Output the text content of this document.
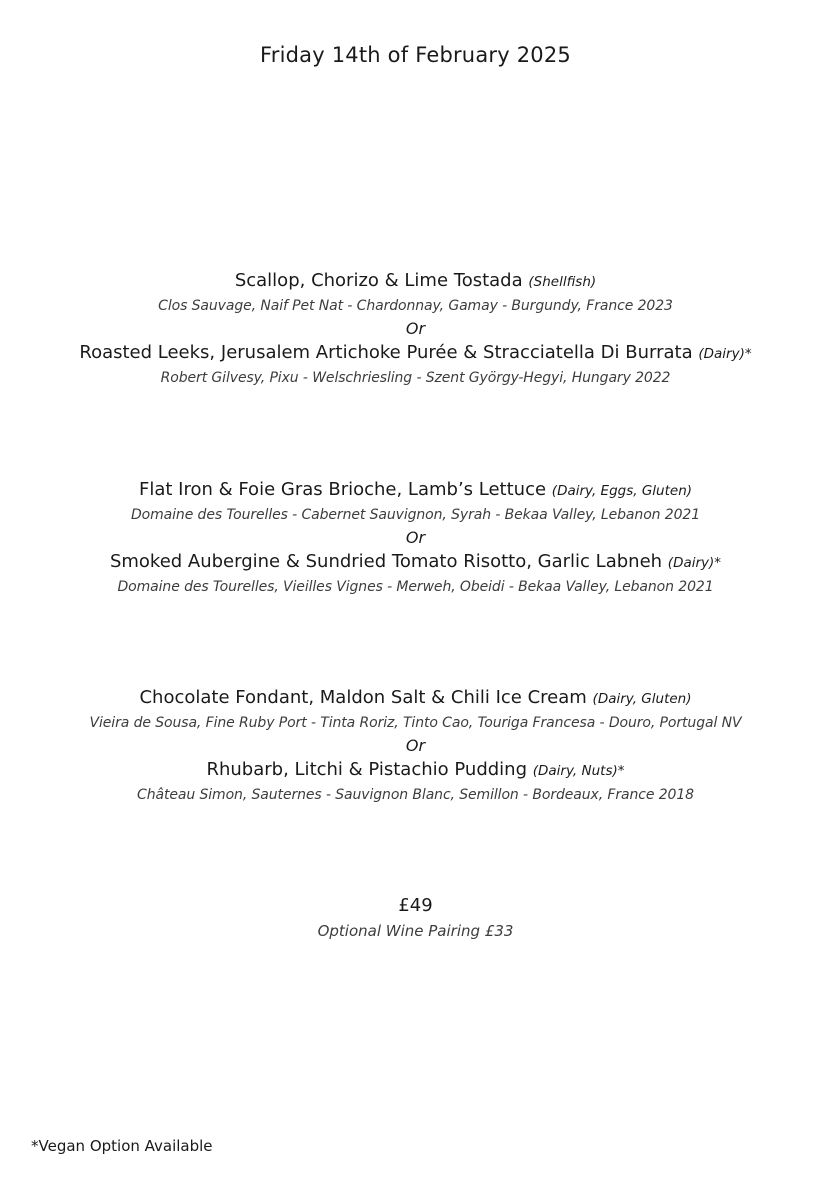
Friday 14th of February 2025
Scallop, Chorizo & Lime Tostada (Shellfish)
Clos Sauvage, Naif Pet Nat - Chardonnay, Gamay - Burgundy, France 2023
Or
Roasted Leeks, Jerusalem Artichoke Purée & Stracciatella Di Burrata (Dairy)*
Robert Gilvesy, Pixu - Welschriesling - Szent György-Hegyi, Hungary 2022
Flat Iron & Foie Gras Brioche, Lamb’s Lettuce (Dairy, Eggs, Gluten)
Domaine des Tourelles - Cabernet Sauvignon, Syrah - Bekaa Valley, Lebanon 2021
Or
Smoked Aubergine & Sundried Tomato Risotto, Garlic Labneh (Dairy)*
Domaine des Tourelles, Vieilles Vignes - Merweh, Obeidi - Bekaa Valley, Lebanon 2021
Chocolate Fondant, Maldon Salt & Chili Ice Cream (Dairy, Gluten)
Vieira de Sousa, Fine Ruby Port - Tinta Roriz, Tinto Cao, Touriga Francesa - Douro, Portugal NV
Or
Rhubarb, Litchi & Pistachio Pudding (Dairy, Nuts)*
Château Simon, Sauternes - Sauvignon Blanc, Semillon - Bordeaux, France 2018
£49
Optional Wine Pairing £33
*Vegan Option Available
